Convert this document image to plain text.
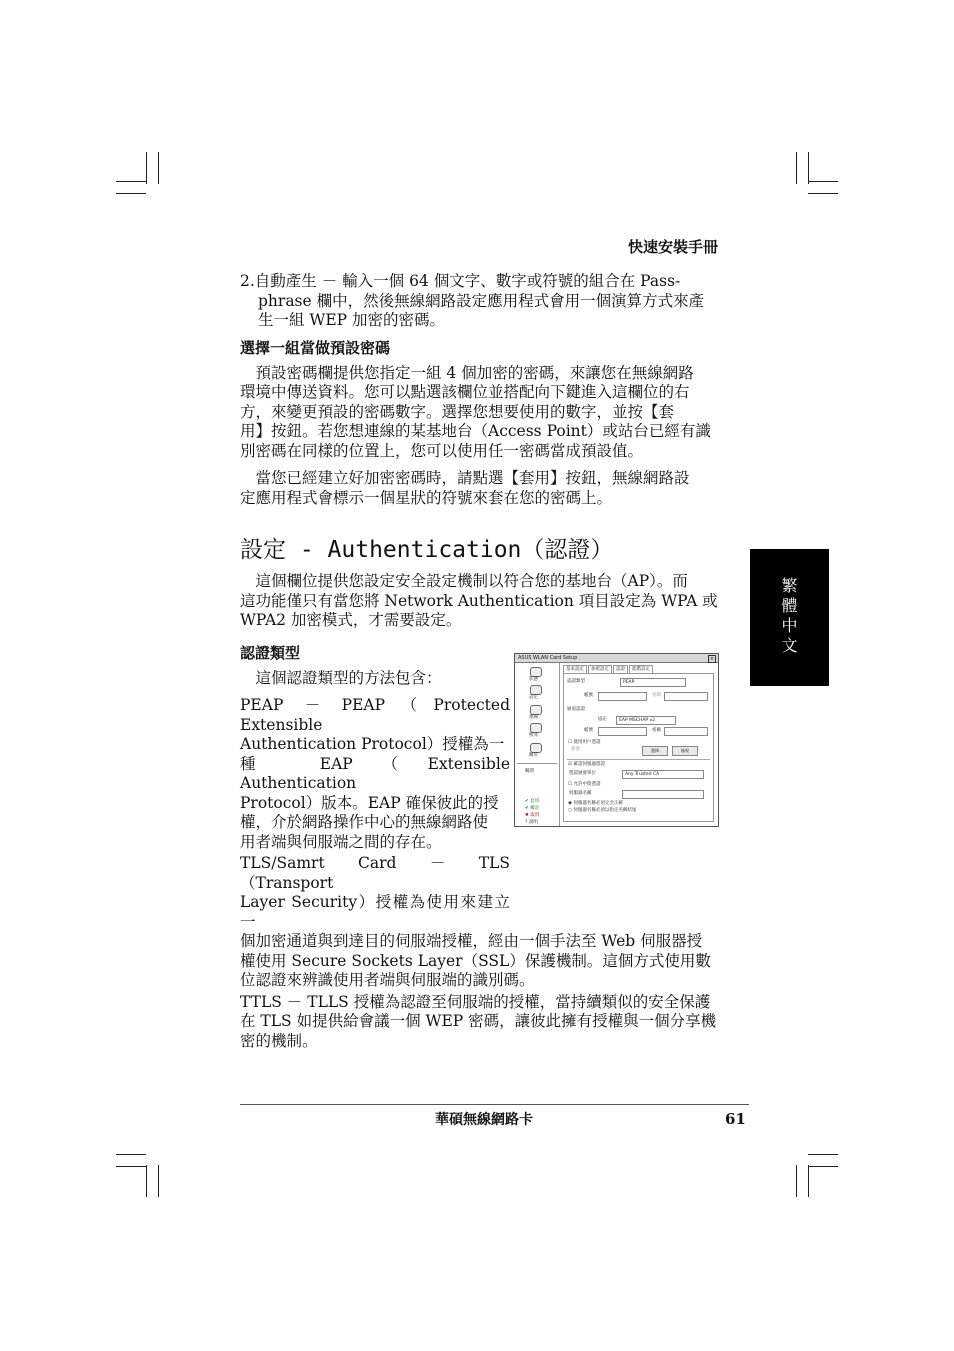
快速安裝手冊
繁
體
中
文
2.自動產生 － 輸入一個 64 個文字、數字或符號的組合在 Pass-
phrase 欄中，然後無線網路設定應用程式會用一個演算方式來產
生一組 WEP 加密的密碼。
選擇一組當做預設密碼
　預設密碼欄提供您指定一組 4 個加密的密碼，來讓您在無線網路
環境中傳送資料。您可以點選該欄位並搭配向下鍵進入這欄位的右
方，來變更預設的密碼數字。選擇您想要使用的數字，並按【套
用】按鈕。若您想連線的某基地台（Access Point）或站台已經有識
別密碼在同樣的位置上，您可以使用任一密碼當成預設值。
　當您已經建立好加密密碼時，請點選【套用】按鈕，無線網路設
定應用程式會標示一個星狀的符號來套在您的密碼上。
設定 - Authentication（認證）
　這個欄位提供您設定安全設定機制以符合您的基地台（AP）。而
這功能僅只有當您將 Network Authentication 項目設定為 WPA 或
WPA2 加密模式，才需要設定。
認證類型
　這個認證類型的方法包含：
PEAP － PEAP（Protected Extensible
Authentication Protocol）授權為一
種 EAP（Extensible Authentication
Protocol）版本。EAP 確保彼此的授
權，介於網路操作中心的無線網路使
用者端與伺服端之間的存在。
TLS/Samrt Card － TLS（Transport
Layer Security）授權為使用來建立一
個加密通道與到達目的伺服端授權，經由一個手法至 Web 伺服器授
權使用 Secure Sockets Layer（SSL）保護機制。這個方式使用數
位認證來辨識使用者端與伺服端的識別碼。
TTLS － TLLS 授權為認證至伺服端的授權，當持續類似的安全保護
在 TLS 如提供給會議一個 WEP 密碼，讓彼此擁有授權與一個分享機
密的機制。
ASUS WLAN Card Setup	×
狀態
設定
連線
搜尋
關於
關閉
✔ 套用
✔ 確定
✖ 取消
? 說明
基本設定 加密設定 認證 進階設定
認證類型	PEAP
帳號	密碼
通道認證
協定	EAP MSCHAP v2
帳號	密碼
☐ 使用用戶憑證
簽發	選擇	檢視
☑ 確認伺服器憑證
憑證頒發單位	Any Trusted CA
☐ 允許中間憑證
伺服器名稱
◉ 伺服器名稱必須完全正確
○ 伺服器名稱必須以指定名稱結尾
華碩無線網路卡	61
